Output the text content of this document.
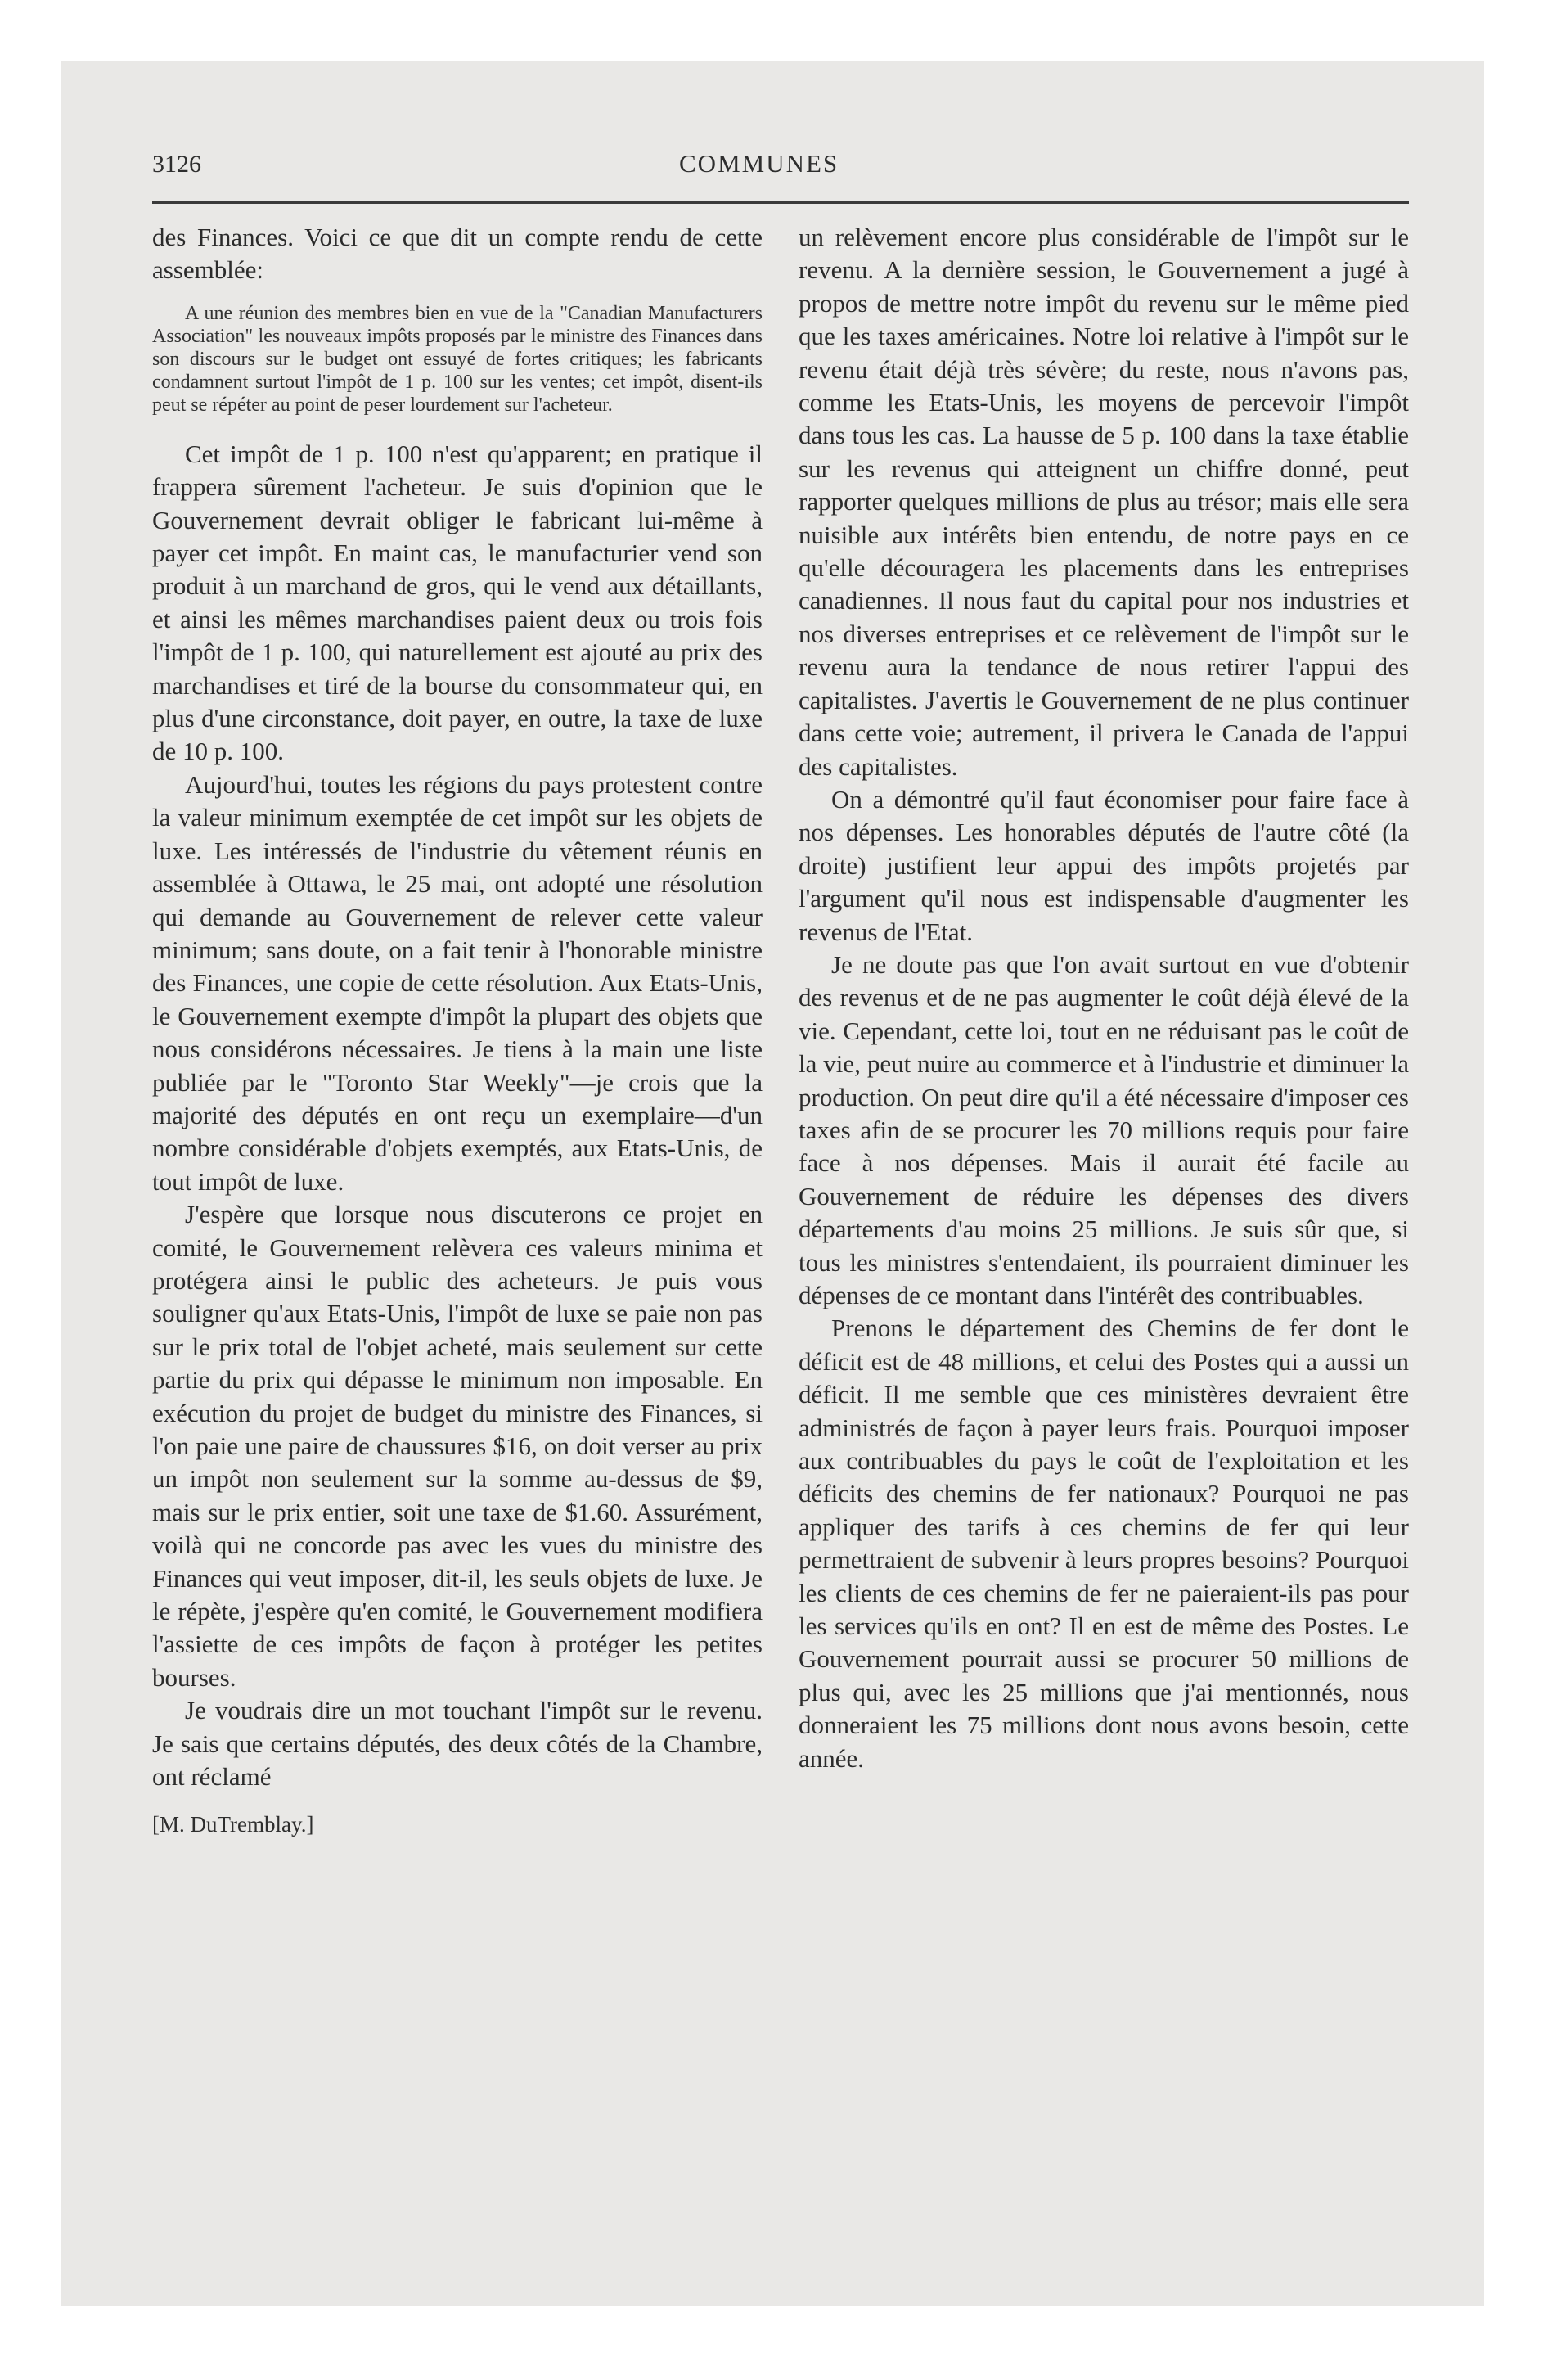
3126	COMMUNES

des Finances. Voici ce que dit un compte rendu de cette assemblée:

A une réunion des membres bien en vue de la "Canadian Manufacturers Association" les nouveaux impôts proposés par le ministre des Finances dans son discours sur le budget ont essuyé de fortes critiques; les fabricants condamnent surtout l'impôt de 1 p. 100 sur les ventes; cet impôt, disent-ils peut se répéter au point de peser lourdement sur l'acheteur.

Cet impôt de 1 p. 100 n'est qu'apparent; en pratique il frappera sûrement l'acheteur. Je suis d'opinion que le Gouvernement devrait obliger le fabricant lui-même à payer cet impôt. En maint cas, le manufacturier vend son produit à un marchand de gros, qui le vend aux détaillants, et ainsi les mêmes marchandises paient deux ou trois fois l'impôt de 1 p. 100, qui naturellement est ajouté au prix des marchandises et tiré de la bourse du consommateur qui, en plus d'une circonstance, doit payer, en outre, la taxe de luxe de 10 p. 100.

Aujourd'hui, toutes les régions du pays protestent contre la valeur minimum exemptée de cet impôt sur les objets de luxe. Les intéressés de l'industrie du vêtement réunis en assemblée à Ottawa, le 25 mai, ont adopté une résolution qui demande au Gouvernement de relever cette valeur minimum; sans doute, on a fait tenir à l'honorable ministre des Finances, une copie de cette résolution. Aux Etats-Unis, le Gouvernement exempte d'impôt la plupart des objets que nous considérons nécessaires. Je tiens à la main une liste publiée par le "Toronto Star Weekly"—je crois que la majorité des députés en ont reçu un exemplaire—d'un nombre considérable d'objets exemptés, aux Etats-Unis, de tout impôt de luxe.

J'espère que lorsque nous discuterons ce projet en comité, le Gouvernement relèvera ces valeurs minima et protégera ainsi le public des acheteurs. Je puis vous souligner qu'aux Etats-Unis, l'impôt de luxe se paie non pas sur le prix total de l'objet acheté, mais seulement sur cette partie du prix qui dépasse le minimum non imposable. En exécution du projet de budget du ministre des Finances, si l'on paie une paire de chaussures $16, on doit verser au prix un impôt non seulement sur la somme au-dessus de $9, mais sur le prix entier, soit une taxe de $1.60. Assurément, voilà qui ne concorde pas avec les vues du ministre des Finances qui veut imposer, dit-il, les seuls objets de luxe. Je le répète, j'espère qu'en comité, le Gouvernement modifiera l'assiette de ces impôts de façon à protéger les petites bourses.

Je voudrais dire un mot touchant l'impôt sur le revenu. Je sais que certains députés, des deux côtés de la Chambre, ont réclamé

[M. DuTremblay.]

un relèvement encore plus considérable de l'impôt sur le revenu. A la dernière session, le Gouvernement a jugé à propos de mettre notre impôt du revenu sur le même pied que les taxes américaines. Notre loi relative à l'impôt sur le revenu était déjà très sévère; du reste, nous n'avons pas, comme les Etats-Unis, les moyens de percevoir l'impôt dans tous les cas. La hausse de 5 p. 100 dans la taxe établie sur les revenus qui atteignent un chiffre donné, peut rapporter quelques millions de plus au trésor; mais elle sera nuisible aux intérêts bien entendu, de notre pays en ce qu'elle découragera les placements dans les entreprises canadiennes. Il nous faut du capital pour nos industries et nos diverses entreprises et ce relèvement de l'impôt sur le revenu aura la tendance de nous retirer l'appui des capitalistes. J'avertis le Gouvernement de ne plus continuer dans cette voie; autrement, il privera le Canada de l'appui des capitalistes.

On a démontré qu'il faut économiser pour faire face à nos dépenses. Les honorables députés de l'autre côté (la droite) justifient leur appui des impôts projetés par l'argument qu'il nous est indispensable d'augmenter les revenus de l'Etat.

Je ne doute pas que l'on avait surtout en vue d'obtenir des revenus et de ne pas augmenter le coût déjà élevé de la vie. Cependant, cette loi, tout en ne réduisant pas le coût de la vie, peut nuire au commerce et à l'industrie et diminuer la production. On peut dire qu'il a été nécessaire d'imposer ces taxes afin de se procurer les 70 millions requis pour faire face à nos dépenses. Mais il aurait été facile au Gouvernement de réduire les dépenses des divers départements d'au moins 25 millions. Je suis sûr que, si tous les ministres s'entendaient, ils pourraient diminuer les dépenses de ce montant dans l'intérêt des contribuables.

Prenons le département des Chemins de fer dont le déficit est de 48 millions, et celui des Postes qui a aussi un déficit. Il me semble que ces ministères devraient être administrés de façon à payer leurs frais. Pourquoi imposer aux contribuables du pays le coût de l'exploitation et les déficits des chemins de fer nationaux? Pourquoi ne pas appliquer des tarifs à ces chemins de fer qui leur permettraient de subvenir à leurs propres besoins? Pourquoi les clients de ces chemins de fer ne paieraient-ils pas pour les services qu'ils en ont? Il en est de même des Postes. Le Gouvernement pourrait aussi se procurer 50 millions de plus qui, avec les 25 millions que j'ai mentionnés, nous donneraient les 75 millions dont nous avons besoin, cette année.
